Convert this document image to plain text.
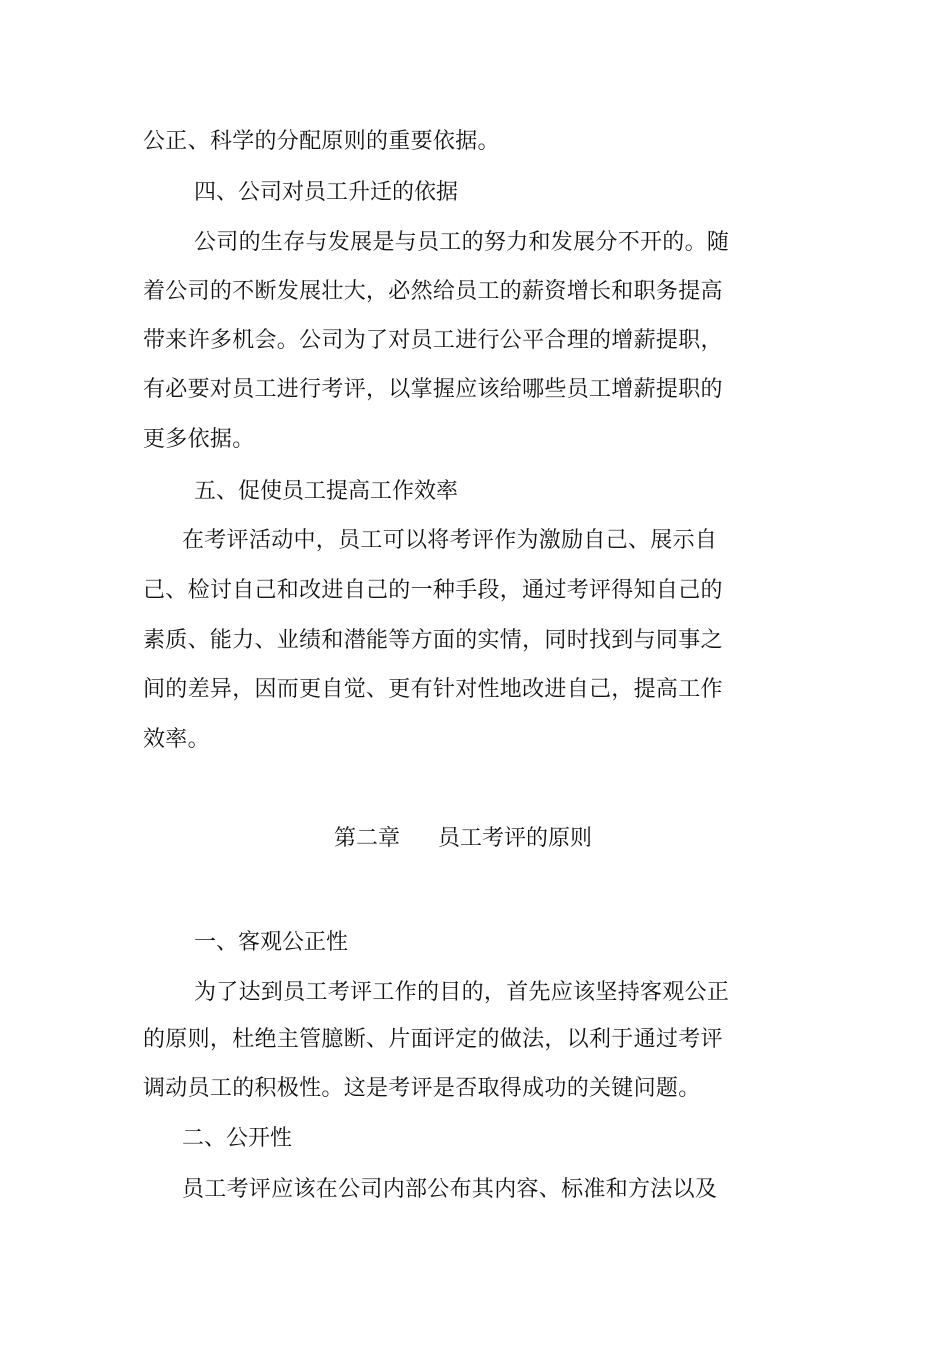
公正、科学的分配原则的重要依据。

四、公司对员工升迁的依据

公司的生存与发展是与员工的努力和发展分不开的。随

着公司的不断发展壮大，必然给员工的薪资增长和职务提高

带来许多机会。公司为了对员工进行公平合理的增薪提职，

有必要对员工进行考评，以掌握应该给哪些员工增薪提职的

更多依据。

五、促使员工提高工作效率

在考评活动中，员工可以将考评作为激励自己、展示自

己、检讨自己和改进自己的一种手段，通过考评得知自己的

素质、能力、业绩和潜能等方面的实情，同时找到与同事之

间的差异，因而更自觉、更有针对性地改进自己，提高工作

效率。

第二章 员工考评的原则
一、客观公正性

为了达到员工考评工作的目的，首先应该坚持客观公正

的原则，杜绝主管臆断、片面评定的做法，以利于通过考评

调动员工的积极性。这是考评是否取得成功的关键问题。

二、公开性

员工考评应该在公司内部公布其内容、标准和方法以及
